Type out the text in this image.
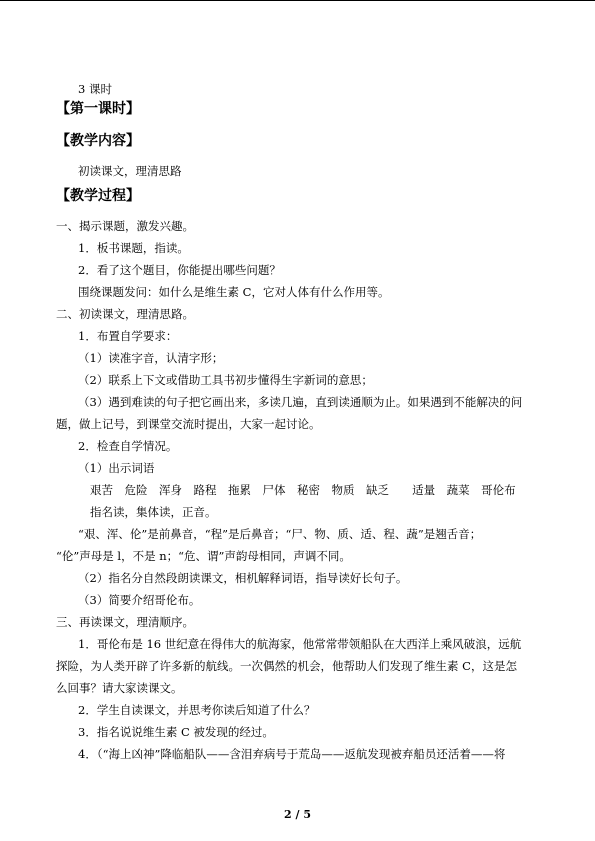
3 课时
【第一课时】
【教学内容】
初读课文，理清思路
【教学过程】
一、揭示课题，激发兴趣。
1．板书课题，指读。
2．看了这个题目，你能提出哪些问题？
围绕课题发问：如什么是维生素 C，它对人体有什么作用等。
二、初读课文，理清思路。
1．布置自学要求：
（1）读准字音，认清字形；
（2）联系上下文或借助工具书初步懂得生字新词的意思；
（3）遇到难读的句子把它画出来，多读几遍，直到读通顺为止。如果遇到不能解决的问
题，做上记号，到课堂交流时提出，大家一起讨论。
2．检查自学情况。
（1）出示词语
艰苦　危险　浑身　路程　拖累　尸体　秘密　物质　缺乏　 适量　蔬菜　哥伦布
指名读，集体读，正音。
“艰、浑、伦”是前鼻音，“程”是后鼻音；“尸、物、质、适、程、蔬”是翘舌音；
“伦”声母是 l，不是 n；“危、谓”声韵母相同，声调不同。
（2）指名分自然段朗读课文，相机解释词语，指导读好长句子。
（3）简要介绍哥伦布。
三、再读课文，理清顺序。
1．哥伦布是 16 世纪意在得伟大的航海家，他常常带领船队在大西洋上乘风破浪，远航
探险，为人类开辟了许多新的航线。一次偶然的机会，他帮助人们发现了维生素 C，这是怎
么回事？请大家读课文。
2．学生自读课文，并思考你读后知道了什么？
3．指名说说维生素 C 被发现的经过。
4．（“海上凶神”降临船队——含泪弃病号于荒岛——返航发现被弃船员还活着——将
2 / 5
